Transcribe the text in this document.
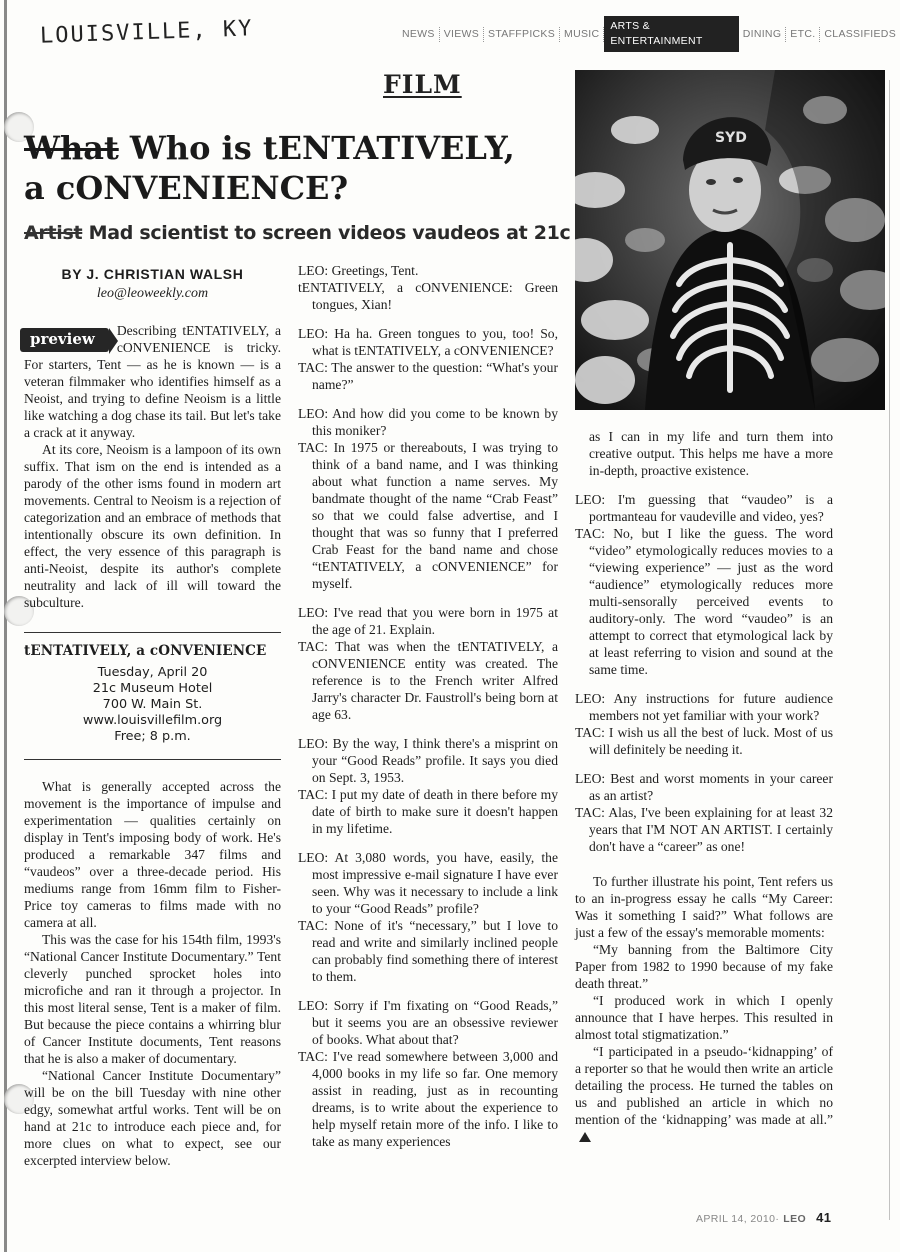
LOUISVILLE, KY	NEWS VIEWS STAFFPICKS MUSIC
ARTS & ENTERTAINMENT
DINING ETC. CLASSIFIEDS
FILM
What Who is tENTATIVELY,
a cONVENIENCE?
Artist Mad scientist to screen videos vaudeos at 21c
SYD
BY J. CHRISTIAN WALSH
leo@leoweekly.com

preview	Describing tENTATIVELY, a cONVENIENCE is tricky. For starters, Tent — as he is known — is a veteran filmmaker who identifies himself as a Neoist, and trying to define Neoism is a little like watching a dog chase its tail. But let's take a crack at it anyway.

At its core, Neoism is a lampoon of its own suffix. That ism on the end is intended as a parody of the other isms found in modern art movements. Central to Neoism is a rejection of categorization and an embrace of methods that intentionally obscure its own definition. In effect, the very essence of this paragraph is anti-Neoist, despite its author's complete neutrality and lack of ill will toward the subculture.

tENTATIVELY, a cONVENIENCE
Tuesday, April 20
21c Museum Hotel
700 W. Main St.
www.louisvillefilm.org
Free; 8 p.m.

What is generally accepted across the movement is the importance of impulse and experimentation — qualities certainly on display in Tent's imposing body of work. He's produced a remarkable 347 films and “vaudeos” over a three-decade period. His mediums range from 16mm film to Fisher-Price toy cameras to films made with no camera at all.

This was the case for his 154th film, 1993's “National Cancer Institute Documentary.” Tent cleverly punched sprocket holes into microfiche and ran it through a projector. In this most literal sense, Tent is a maker of film. But because the piece contains a whirring blur of Cancer Institute documents, Tent reasons that he is also a maker of documentary.

“National Cancer Institute Documentary” will be on the bill Tuesday with nine other edgy, somewhat artful works. Tent will be on hand at 21c to introduce each piece and, for more clues on what to expect, see our excerpted interview below.

LEO: Greetings, Tent.

tENTATIVELY, a cONVENIENCE: Green tongues, Xian!

LEO: Ha ha. Green tongues to you, too! So, what is tENTATIVELY, a cONVENIENCE?

TAC: The answer to the question: “What's your name?”

LEO: And how did you come to be known by this moniker?

TAC: In 1975 or thereabouts, I was trying to think of a band name, and I was thinking about what function a name serves. My bandmate thought of the name “Crab Feast” so that we could false advertise, and I thought that was so funny that I preferred Crab Feast for the band name and chose “tENTATIVELY, a cONVENIENCE” for myself.

LEO: I've read that you were born in 1975 at the age of 21. Explain.

TAC: That was when the tENTATIVELY, a cONVENIENCE entity was created. The reference is to the French writer Alfred Jarry's character Dr. Faustroll's being born at age 63.

LEO: By the way, I think there's a misprint on your “Good Reads” profile. It says you died on Sept. 3, 1953.

TAC: I put my date of death in there before my date of birth to make sure it doesn't happen in my lifetime.

LEO: At 3,080 words, you have, easily, the most impressive e-mail signature I have ever seen. Why was it necessary to include a link to your “Good Reads” profile?

TAC: None of it's “necessary,” but I love to read and write and similarly inclined people can probably find something there of interest to them.

LEO: Sorry if I'm fixating on “Good Reads,” but it seems you are an obsessive reviewer of books. What about that?

TAC: I've read somewhere between 3,000 and 4,000 books in my life so far. One memory assist in reading, just as in recounting dreams, is to write about the experience to help myself retain more of the info. I like to take as many experiences

as I can in my life and turn them into creative output. This helps me have a more in-depth, proactive existence.

LEO: I'm guessing that “vaudeo” is a portmanteau for vaudeville and video, yes?

TAC: No, but I like the guess. The word “video” etymologically reduces movies to a “viewing experience” — just as the word “audience” etymologically reduces more multi-sensorally perceived events to auditory-only. The word “vaudeo” is an attempt to correct that etymological lack by at least referring to vision and sound at the same time.

LEO: Any instructions for future audience members not yet familiar with your work?

TAC: I wish us all the best of luck. Most of us will definitely be needing it.

LEO: Best and worst moments in your career as an artist?

TAC: Alas, I've been explaining for at least 32 years that I'M NOT AN ARTIST. I certainly don't have a “career” as one!

To further illustrate his point, Tent refers us to an in-progress essay he calls “My Career: Was it something I said?” What follows are just a few of the essay's memorable moments:

“My banning from the Baltimore City Paper from 1982 to 1990 because of my fake death threat.”

“I produced work in which I openly announce that I have herpes. This resulted in almost total stigmatization.”

“I participated in a pseudo-‘kidnapping’ of a reporter so that he would then write an article detailing the process. He turned the tables on us and published an article in which no mention of the ‘kidnapping’ was made at all.”

APRIL 14, 2010 · LEO 41
